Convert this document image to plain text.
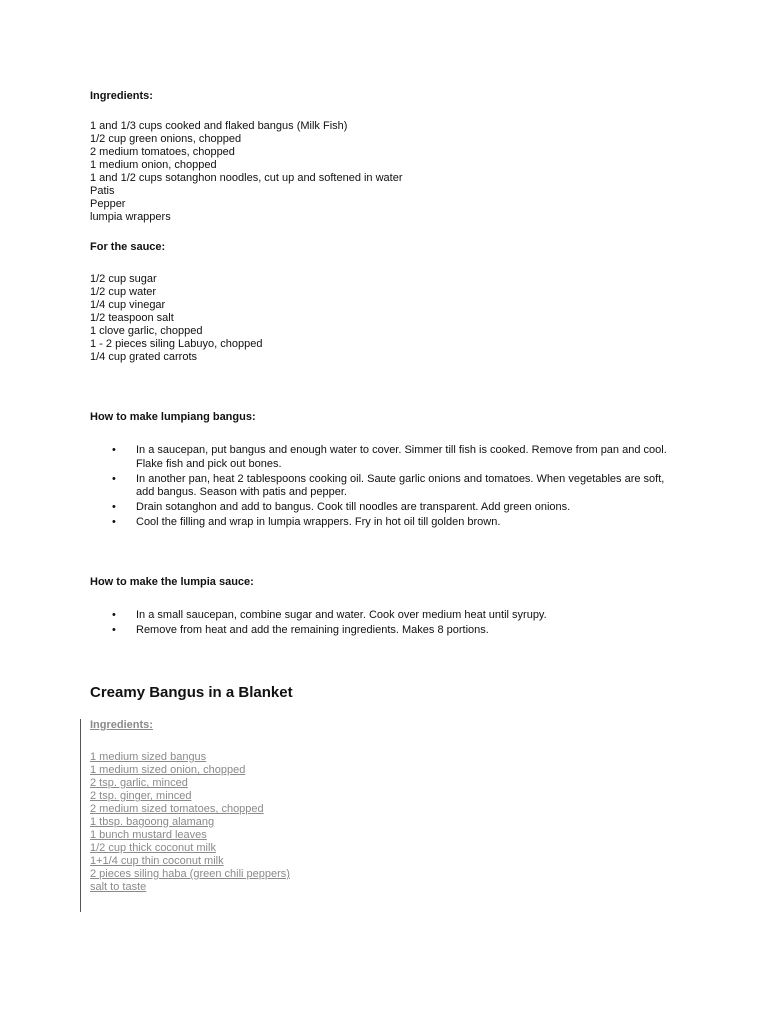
Ingredients:

1 and 1/3 cups cooked and flaked bangus (Milk Fish)
1/2 cup green onions, chopped
2 medium tomatoes, chopped
1 medium onion, chopped
1 and 1/2 cups sotanghon noodles, cut up and softened in water
Patis
Pepper
lumpia wrappers

For the sauce:

1/2 cup sugar
1/2 cup water
1/4 cup vinegar
1/2 teaspoon salt
1 clove garlic, chopped
1 - 2 pieces siling Labuyo, chopped
1/4 cup grated carrots

How to make lumpiang bangus:

• In a saucepan, put bangus and enough water to cover. Simmer till fish is cooked. Remove from pan and cool. Flake fish and pick out bones.
• In another pan, heat 2 tablespoons cooking oil. Saute garlic onions and tomatoes. When vegetables are soft, add bangus. Season with patis and pepper.
• Drain sotanghon and add to bangus. Cook till noodles are transparent. Add green onions.
• Cool the filling and wrap in lumpia wrappers. Fry in hot oil till golden brown.

How to make the lumpia sauce:

• In a small saucepan, combine sugar and water. Cook over medium heat until syrupy.
• Remove from heat and add the remaining ingredients. Makes 8 portions.
Creamy Bangus in a Blanket

Ingredients:

1 medium sized bangus
1 medium sized onion, chopped
2 tsp. garlic, minced
2 tsp. ginger, minced
2 medium sized tomatoes, chopped
1 tbsp. bagoong alamang
1 bunch mustard leaves
1/2 cup thick coconut milk
1+1/4 cup thin coconut milk
2 pieces siling haba (green chili peppers)
salt to taste
